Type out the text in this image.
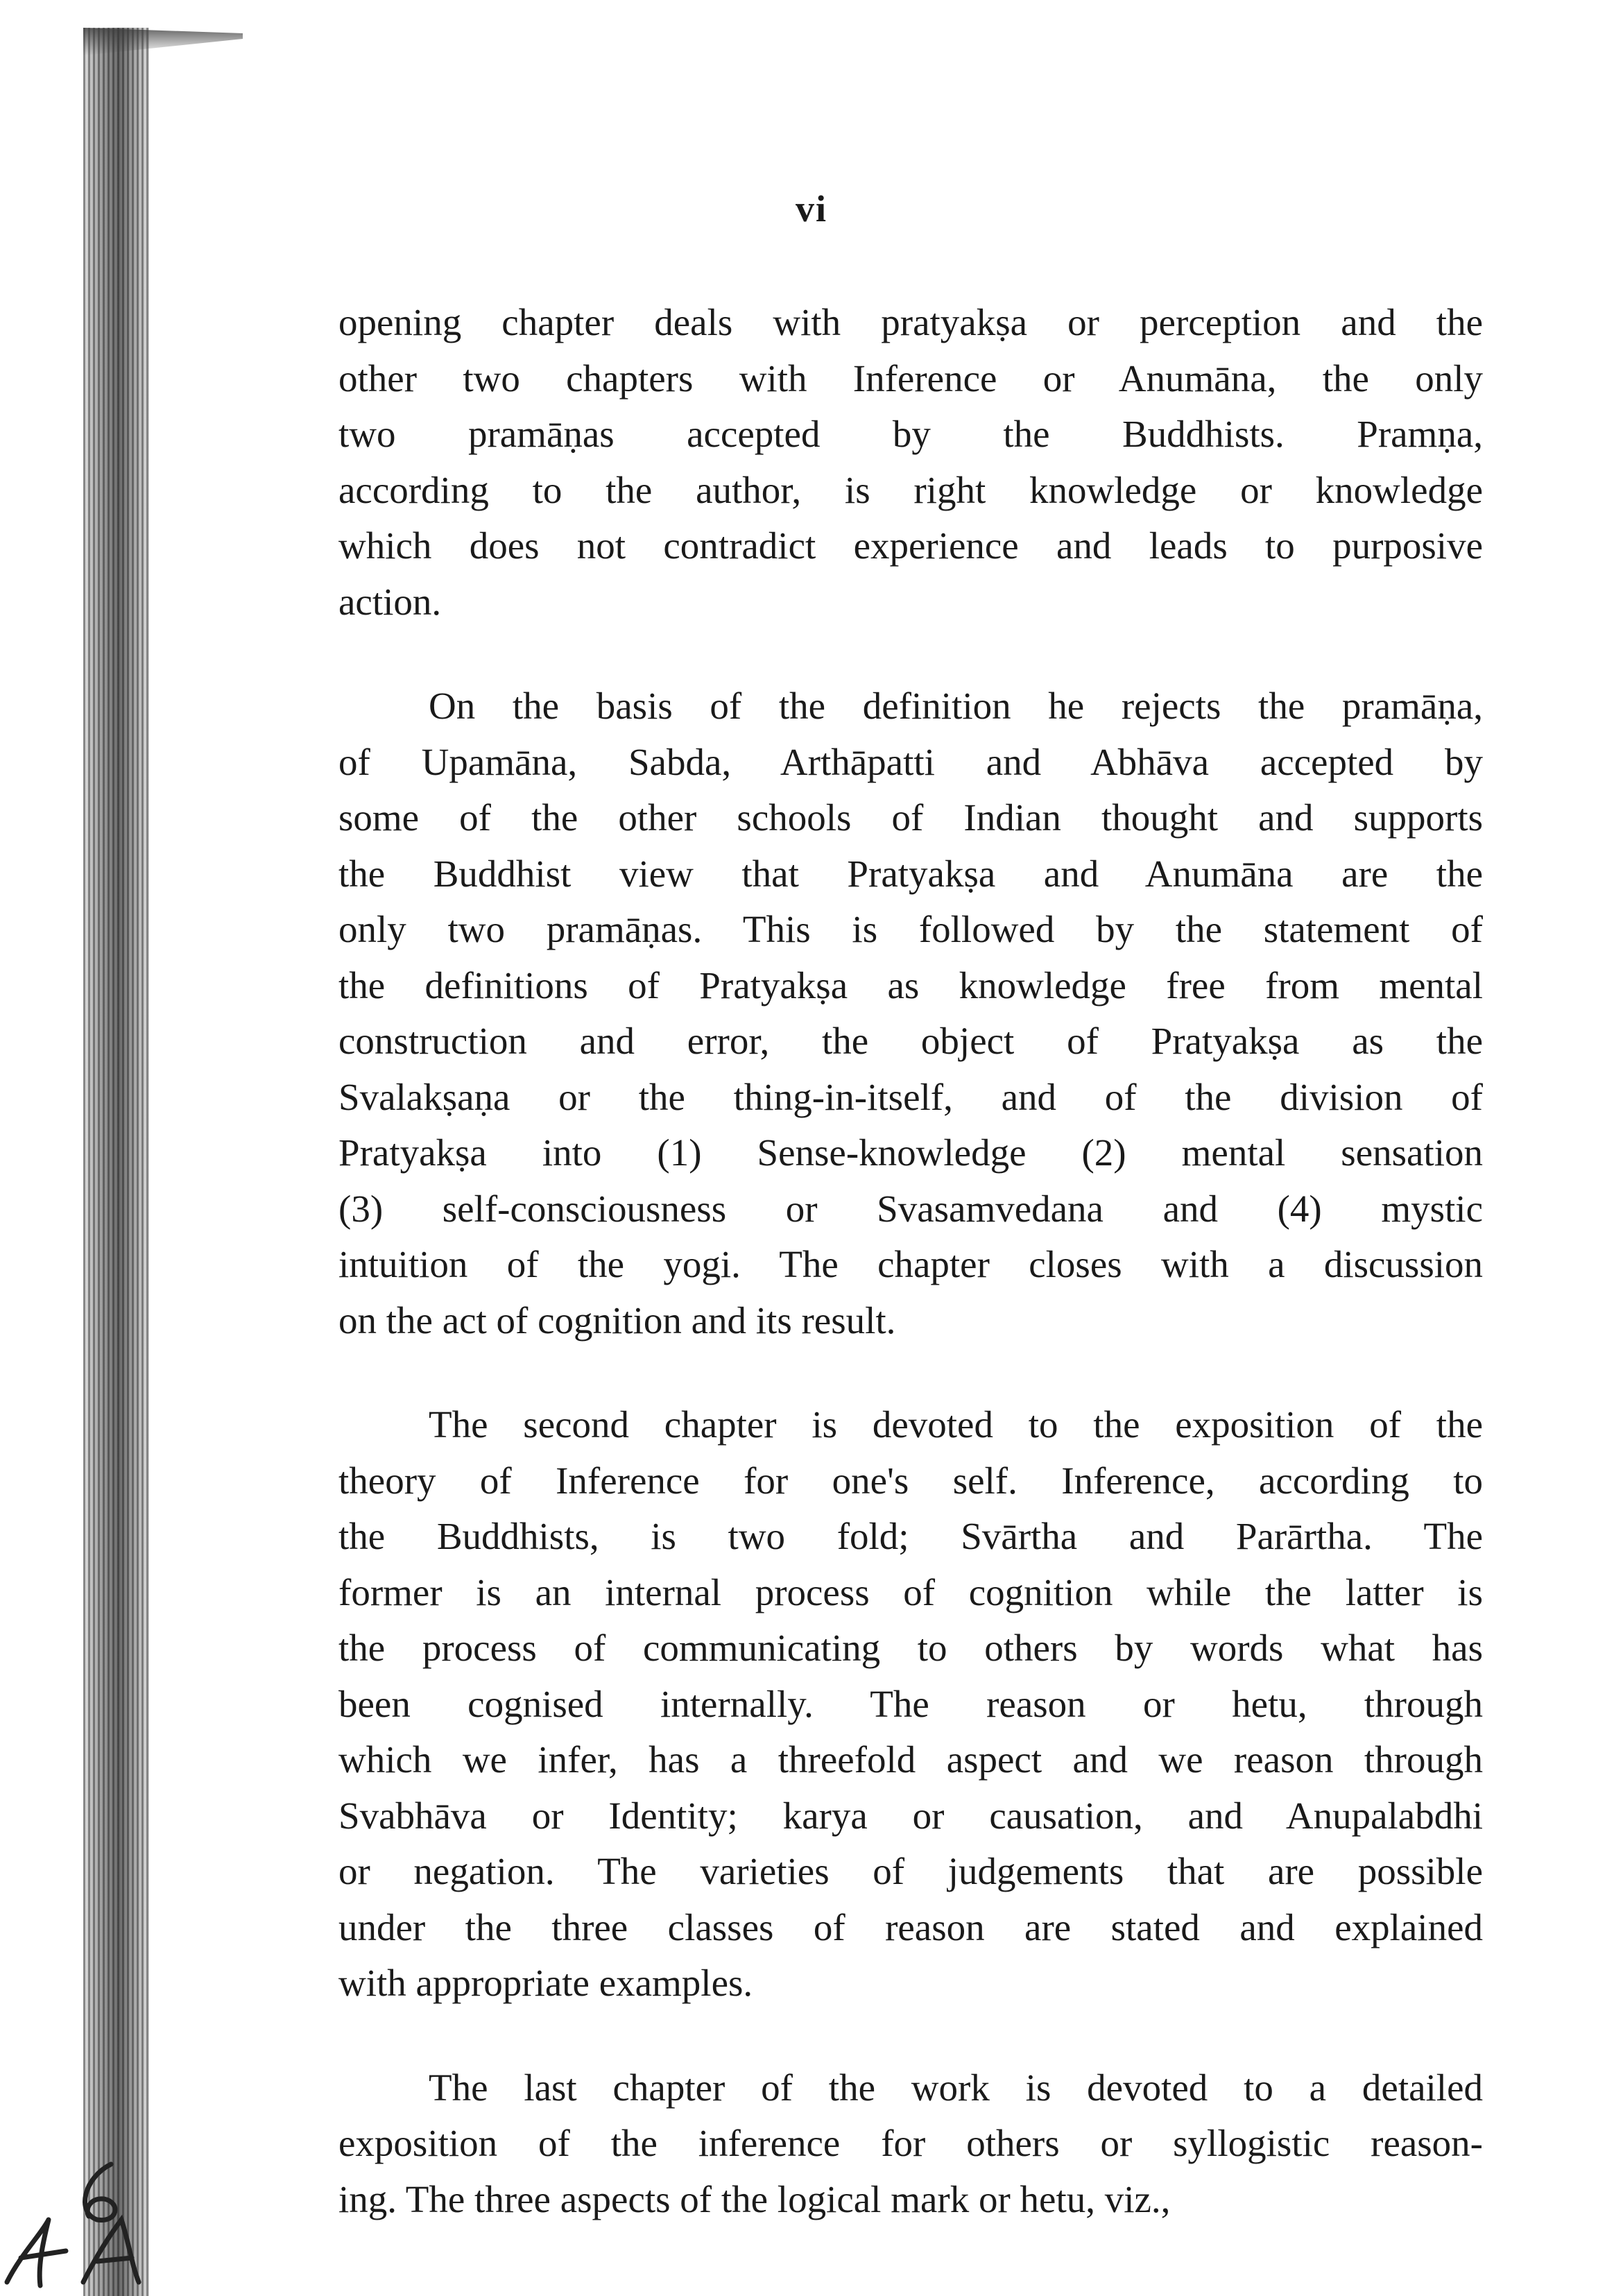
vi
opening chapter deals with pratyakṣa or perception and the
other two chapters with Inference or Anumāna, the only
two pramāṇas accepted by the Buddhists. Pramṇa,
according to the author, is right knowledge or knowledge
which does not contradict experience and leads to purposive
action.
On the basis of the definition he rejects the pramāṇa,
of Upamāna, Sabda, Arthāpatti and Abhāva accepted by
some of the other schools of Indian thought and supports
the Buddhist view that Pratyakṣa and Anumāna are the
only two pramāṇas. This is followed by the statement of
the definitions of Pratyakṣa as knowledge free from mental
construction and error, the object of Pratyakṣa as the
Svalakṣaṇa or the thing-in-itself, and of the division of
Pratyakṣa into (1) Sense-knowledge (2) mental sensation
(3) self-consciousness or Svasamvedana and (4) mystic
intuition of the yogi. The chapter closes with a discussion
on the act of cognition and its result.
The second chapter is devoted to the exposition of the
theory of Inference for one's self. Inference, according to
the Buddhists, is two fold; Svārtha and Parārtha. The
former is an internal process of cognition while the latter is
the process of communicating to others by words what has
been cognised internally. The reason or hetu, through
which we infer, has a threefold aspect and we reason through
Svabhāva or Identity; karya or causation, and Anupalabdhi
or negation. The varieties of judgements that are possible
under the three classes of reason are stated and explained
with appropriate examples.
The last chapter of the work is devoted to a detailed
exposition of the inference for others or syllogistic reason-
ing. The three aspects of the logical mark or hetu, viz.,
